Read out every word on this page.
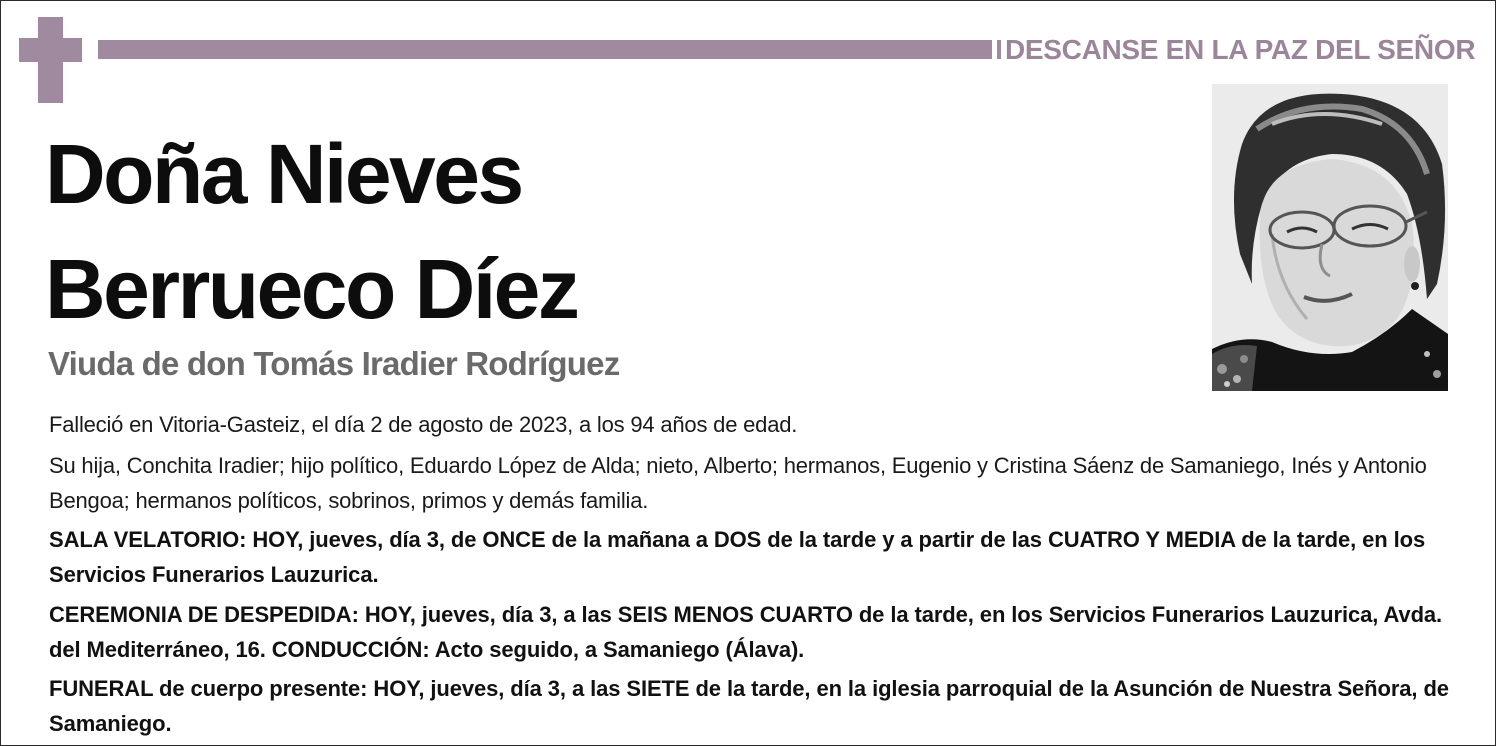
DESCANSE EN LA PAZ DEL SEÑOR
Doña Nieves
Berrueco Díez
Viuda de don Tomás Iradier Rodríguez
Falleció en Vitoria-Gasteiz, el día 2 de agosto de 2023, a los 94 años de edad.
Su hija, Conchita Iradier; hijo político, Eduardo López de Alda; nieto, Alberto; hermanos, Eugenio y Cristina Sáenz de Samaniego, Inés y Antonio Bengoa; hermanos políticos, sobrinos, primos y demás familia.
SALA VELATORIO: HOY, jueves, día 3, de ONCE de la mañana a DOS de la tarde y a partir de las CUATRO Y MEDIA de la tarde, en los Servicios Funerarios Lauzurica.
CEREMONIA DE DESPEDIDA: HOY, jueves, día 3, a las SEIS MENOS CUARTO de la tarde, en los Servicios Funerarios Lauzurica, Avda. del Mediterráneo, 16. CONDUCCIÓN: Acto seguido, a Samaniego (Álava).
FUNERAL de cuerpo presente: HOY, jueves, día 3, a las SIETE de la tarde, en la iglesia parroquial de la Asunción de Nuestra Señora, de Samaniego.
